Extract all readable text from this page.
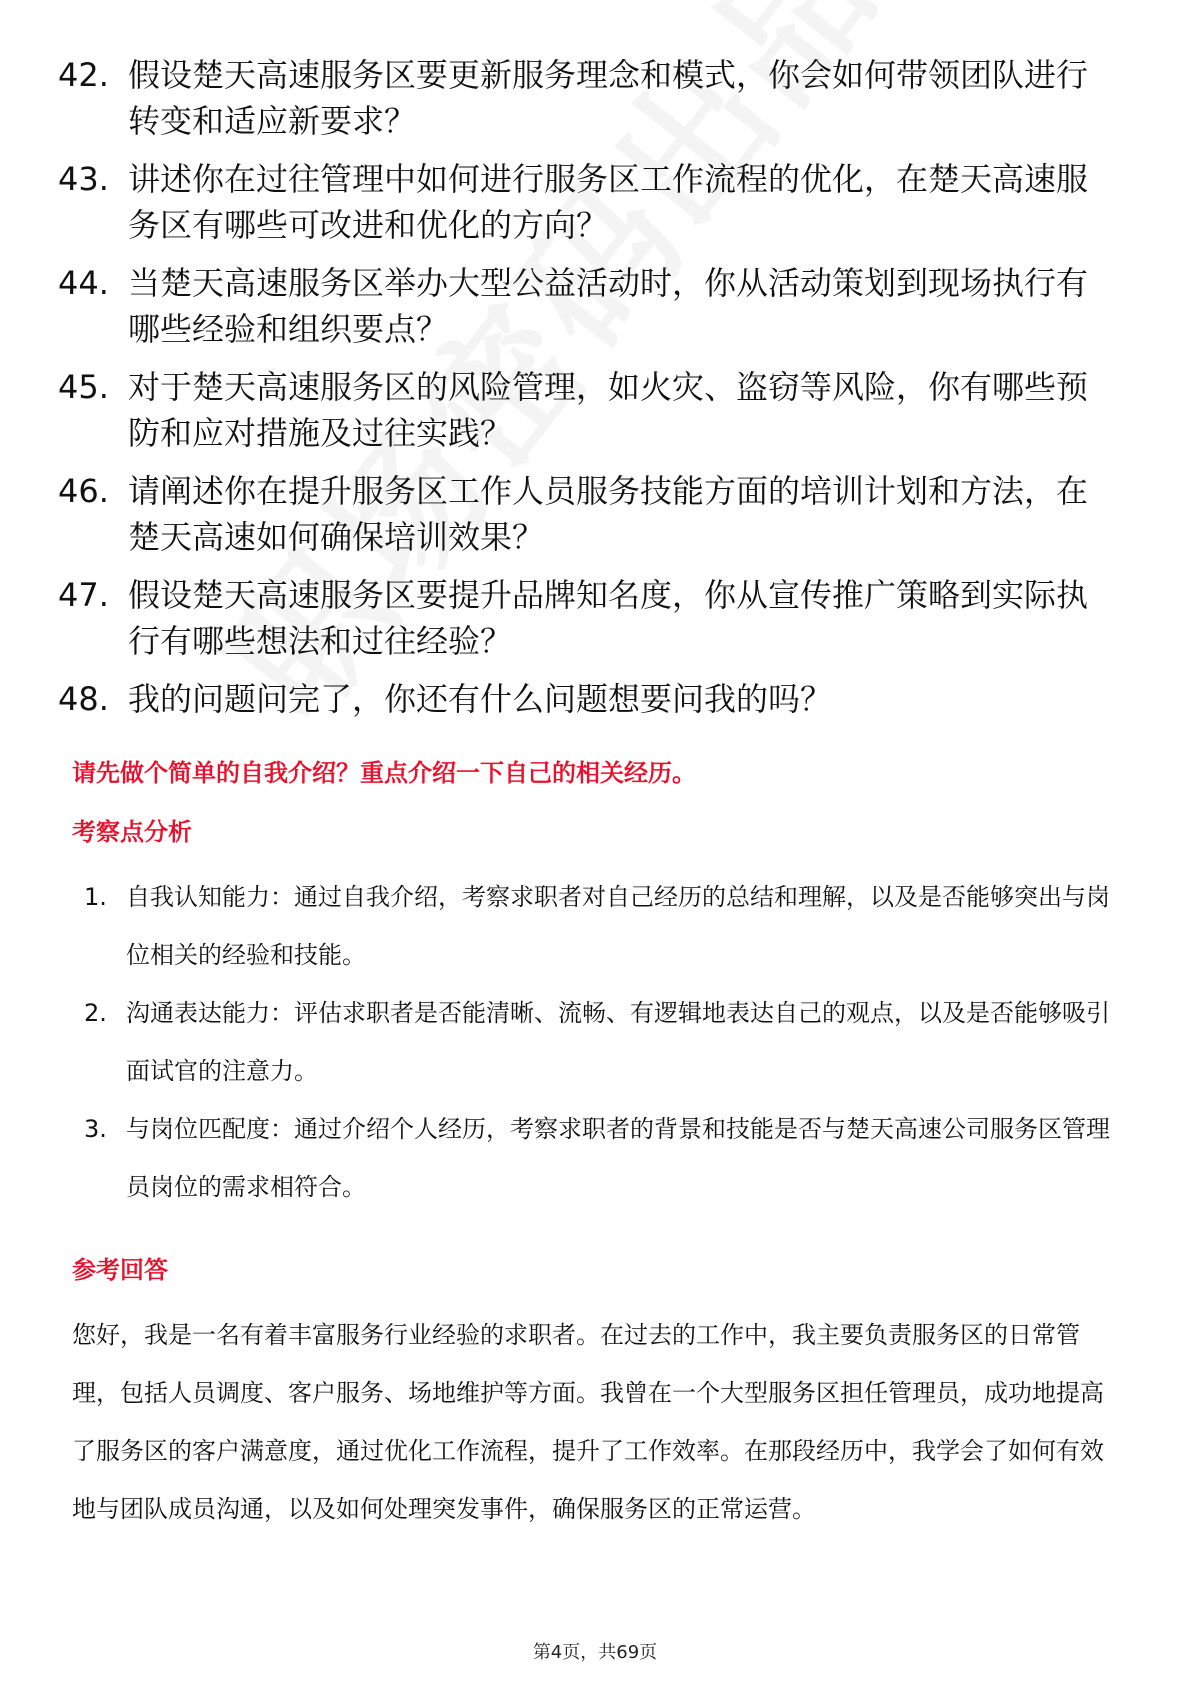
42. 假设楚天高速服务区要更新服务理念和模式，你会如何带领团队进行转变和适应新要求？
43. 讲述你在过往管理中如何进行服务区工作流程的优化，在楚天高速服务区有哪些可改进和优化的方向？
44. 当楚天高速服务区举办大型公益活动时，你从活动策划到现场执行有哪些经验和组织要点？
45. 对于楚天高速服务区的风险管理，如火灾、盗窃等风险，你有哪些预防和应对措施及过往实践？
46. 请阐述你在提升服务区工作人员服务技能方面的培训计划和方法，在楚天高速如何确保培训效果？
47. 假设楚天高速服务区要提升品牌知名度，你从宣传推广策略到实际执行有哪些想法和过往经验？
48. 我的问题问完了，你还有什么问题想要问我的吗？
请先做个简单的自我介绍？重点介绍一下自己的相关经历。
考察点分析
1. 自我认知能力：通过自我介绍，考察求职者对自己经历的总结和理解，以及是否能够突出与岗位相关的经验和技能。
2. 沟通表达能力：评估求职者是否能清晰、流畅、有逻辑地表达自己的观点，以及是否能够吸引面试官的注意力。
3. 与岗位匹配度：通过介绍个人经历，考察求职者的背景和技能是否与楚天高速公司服务区管理员岗位的需求相符合。
参考回答
您好，我是一名有着丰富服务行业经验的求职者。在过去的工作中，我主要负责服务区的日常管理，包括人员调度、客户服务、场地维护等方面。我曾在一个大型服务区担任管理员，成功地提高了服务区的客户满意度，通过优化工作流程，提升了工作效率。在那段经历中，我学会了如何有效地与团队成员沟通，以及如何处理突发事件，确保服务区的正常运营。
第4页，共69页
